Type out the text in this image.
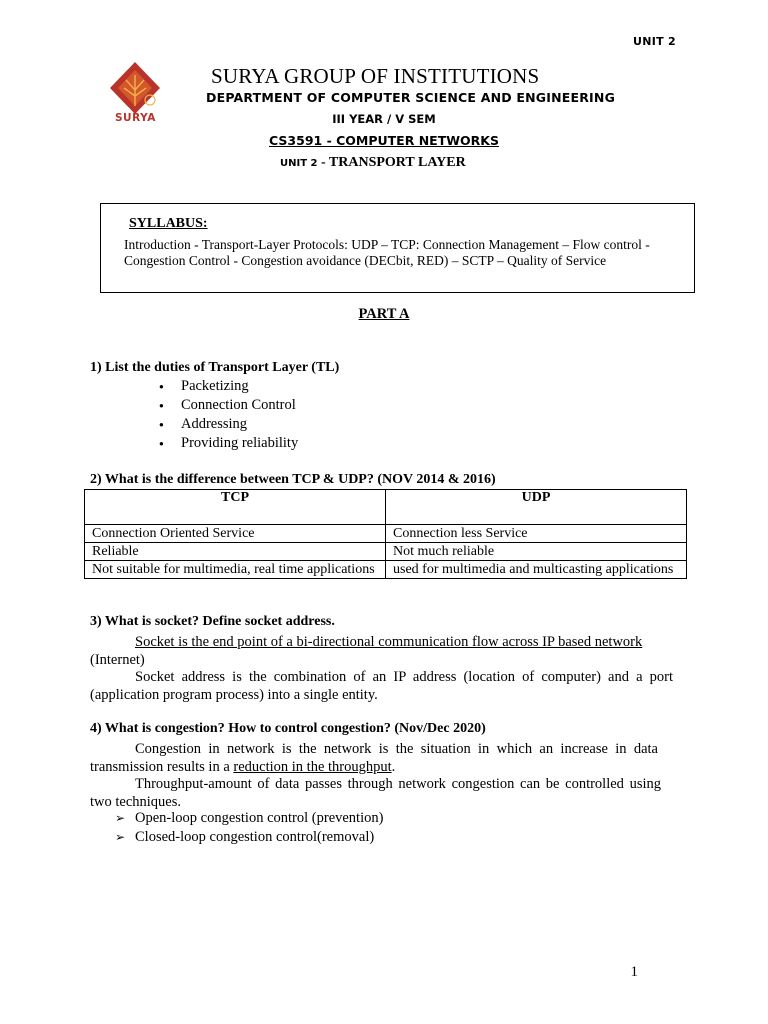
UNIT 2
SURYA
SURYA GROUP OF INSTITUTIONS
DEPARTMENT OF COMPUTER SCIENCE AND ENGINEERING
III YEAR / V SEM
CS3591 - COMPUTER NETWORKS
UNIT 2 - TRANSPORT LAYER
SYLLABUS:
Introduction - Transport-Layer Protocols: UDP – TCP: Connection Management – Flow control - Congestion Control - Congestion avoidance (DECbit, RED) – SCTP – Quality of Service
PART A
1) List the duties of Transport Layer (TL)
● Packetizing
● Connection Control
● Addressing
● Providing reliability
2) What is the difference between TCP & UDP? (NOV 2014 & 2016)
TCP	UDP
Connection Oriented Service	Connection less Service
Reliable	Not much reliable
Not suitable for multimedia, real time applications	used for multimedia and multicasting applications
3) What is socket? Define socket address.
Socket is the end point of a bi-directional communication flow across IP based network (Internet)
Socket address is the combination of an IP address (location of computer) and a port (application program process) into a single entity.
4) What is congestion? How to control congestion? (Nov/Dec 2020)
Congestion in network is the network is the situation in which an increase in data transmission results in a reduction in the throughput.
Throughput-amount of data passes through network congestion can be controlled using two techniques.
➢ Open-loop congestion control (prevention)
➢ Closed-loop congestion control(removal)
1
